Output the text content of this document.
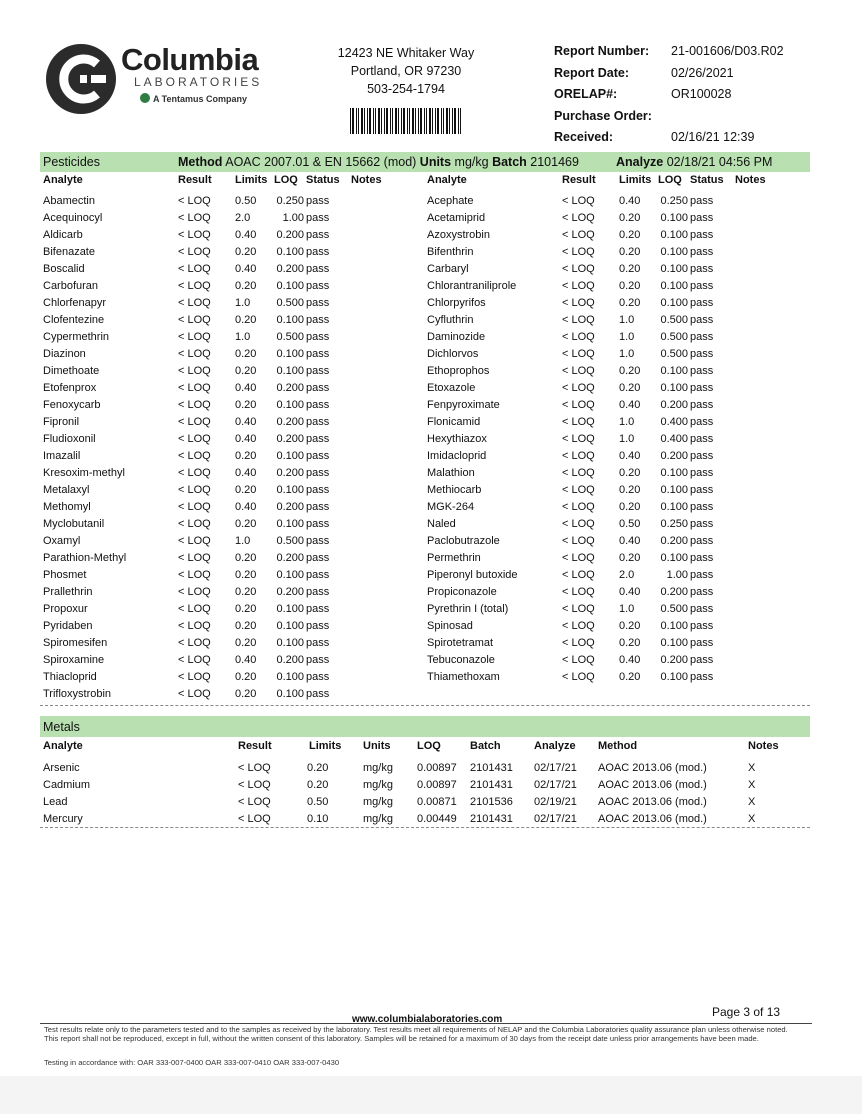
Columbia
LABORATORIES
A Tentamus Company
12423 NE Whitaker Way
Portland, OR 97230
503-254-1794
Report Number: 21-001606/D03.R02
Report Date:	02/26/2021
ORELAP#:	OR100028
Purchase Order:
Received:	02/16/21 12:39
Pesticides	Method AOAC 2007.01 & EN 15662 (mod) Units mg/kg Batch 2101469	Analyze 02/18/21 04:56 PM
Analyte	Result Limits LOQ Status Notes	Analyte	Result Limits LOQ Status Notes
Abamectin	< LOQ 0.50 0.250 pass
Acequinocyl	< LOQ 2.0	1.00 pass
Aldicarb	< LOQ 0.40 0.200 pass
Bifenazate	< LOQ 0.20 0.100 pass
Boscalid	< LOQ 0.40 0.200 pass
Carbofuran	< LOQ 0.20 0.100 pass
Chlorfenapyr	< LOQ 1.0 0.500 pass
Clofentezine	< LOQ 0.20 0.100 pass
Cypermethrin	< LOQ 1.0 0.500 pass
Diazinon	< LOQ 0.20 0.100 pass
Dimethoate	< LOQ 0.20 0.100 pass
Etofenprox	< LOQ 0.40 0.200 pass
Fenoxycarb	< LOQ 0.20 0.100 pass
Fipronil	< LOQ 0.40 0.200 pass
Fludioxonil	< LOQ 0.40 0.200 pass
Imazalil	< LOQ 0.20 0.100 pass
Kresoxim-methyl	< LOQ 0.40 0.200 pass
Metalaxyl	< LOQ 0.20 0.100 pass
Methomyl	< LOQ 0.40 0.200 pass
Myclobutanil	< LOQ 0.20 0.100 pass
Oxamyl	< LOQ 1.0 0.500 pass
Parathion-Methyl	< LOQ 0.20 0.200 pass
Phosmet	< LOQ 0.20 0.100 pass
Prallethrin	< LOQ 0.20 0.200 pass
Propoxur	< LOQ 0.20 0.100 pass
Pyridaben	< LOQ 0.20 0.100 pass
Spiromesifen	< LOQ 0.20 0.100 pass
Spiroxamine	< LOQ 0.40 0.200 pass
Thiacloprid	< LOQ 0.20 0.100 pass
Trifloxystrobin	< LOQ 0.20 0.100 pass
Acephate	< LOQ 0.40 0.250 pass
Acetamiprid	< LOQ 0.20 0.100 pass
Azoxystrobin	< LOQ 0.20 0.100 pass
Bifenthrin	< LOQ 0.20 0.100 pass
Carbaryl	< LOQ 0.20 0.100 pass
Chlorantraniliprole	< LOQ 0.20 0.100 pass
Chlorpyrifos	< LOQ 0.20 0.100 pass
Cyfluthrin	< LOQ 1.0 0.500 pass
Daminozide	< LOQ 1.0 0.500 pass
Dichlorvos	< LOQ 1.0 0.500 pass
Ethoprophos	< LOQ 0.20 0.100 pass
Etoxazole	< LOQ 0.20 0.100 pass
Fenpyroximate	< LOQ 0.40 0.200 pass
Flonicamid	< LOQ 1.0 0.400 pass
Hexythiazox	< LOQ 1.0 0.400 pass
Imidacloprid	< LOQ 0.40 0.200 pass
Malathion	< LOQ 0.20 0.100 pass
Methiocarb	< LOQ 0.20 0.100 pass
MGK-264	< LOQ 0.20 0.100 pass
Naled	< LOQ 0.50 0.250 pass
Paclobutrazole	< LOQ 0.40 0.200 pass
Permethrin	< LOQ 0.20 0.100 pass
Piperonyl butoxide	< LOQ 2.0	1.00 pass
Propiconazole	< LOQ 0.40 0.200 pass
Pyrethrin I (total)	< LOQ 1.0 0.500 pass
Spinosad	< LOQ 0.20 0.100 pass
Spirotetramat	< LOQ 0.20 0.100 pass
Tebuconazole	< LOQ 0.40 0.200 pass
Thiamethoxam	< LOQ 0.20 0.100 pass
Metals
Analyte	Result	Limits Units LOQ	Batch	Analyze Method	Notes
Arsenic	< LOQ	0.20	mg/kg 0.00897 2101431 02/17/21 AOAC 2013.06 (mod.)	X
Cadmium	< LOQ	0.20	mg/kg 0.00897 2101431 02/17/21 AOAC 2013.06 (mod.)	X
Lead	< LOQ	0.50	mg/kg 0.00871 2101536 02/19/21 AOAC 2013.06 (mod.)	X
Mercury	< LOQ	0.10	mg/kg 0.00449 2101431 02/17/21 AOAC 2013.06 (mod.)	X
Page 3 of 13
www.columbialaboratories.com
Test results relate only to the parameters tested and to the samples as received by the laboratory. Test results meet all requirements of NELAP and the Columbia Laboratories quality assurance plan unless otherwise noted. This report shall not be reproduced, except in full, without the written consent of this laboratory. Samples will be retained for a maximum of 30 days from the receipt date unless prior arrangements have been made.
Testing in accordance with: OAR 333-007-0400 OAR 333-007-0410 OAR 333-007-0430
